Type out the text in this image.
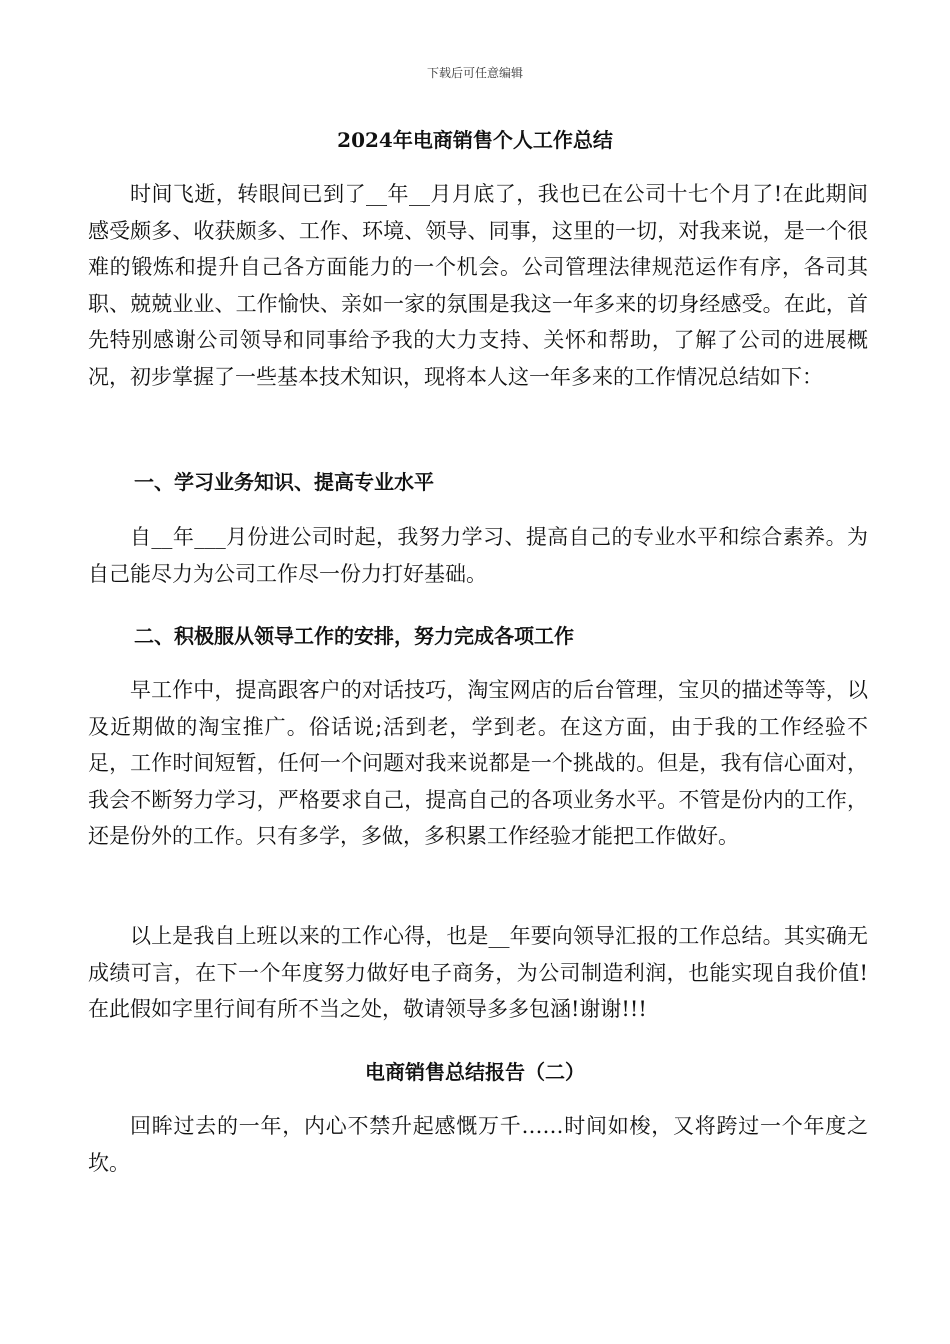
下载后可任意编辑
2024年电商销售个人工作总结

时间飞逝，转眼间已到了__年__月月底了，我也已在公司十七个月了!在此期间感受颇多、收获颇多、工作、环境、领导、同事，这里的一切，对我来说，是一个很难的锻炼和提升自己各方面能力的一个机会。公司管理法律规范运作有序，各司其职、兢兢业业、工作愉快、亲如一家的氛围是我这一年多来的切身经感受。在此，首先特别感谢公司领导和同事给予我的大力支持、关怀和帮助，了解了公司的进展概况，初步掌握了一些基本技术知识，现将本人这一年多来的工作情况总结如下：

一、学习业务知识、提高专业水平

自__年___月份进公司时起，我努力学习、提高自己的专业水平和综合素养。为自己能尽力为公司工作尽一份力打好基础。

二、积极服从领导工作的安排，努力完成各项工作

早工作中，提高跟客户的对话技巧，淘宝网店的后台管理，宝贝的描述等等，以及近期做的淘宝推广。俗话说;活到老，学到老。在这方面，由于我的工作经验不足，工作时间短暂，任何一个问题对我来说都是一个挑战的。但是，我有信心面对，我会不断努力学习，严格要求自己，提高自己的各项业务水平。不管是份内的工作，还是份外的工作。只有多学，多做，多积累工作经验才能把工作做好。

以上是我自上班以来的工作心得，也是__年要向领导汇报的工作总结。其实确无成绩可言，在下一个年度努力做好电子商务，为公司制造利润，也能实现自我价值!在此假如字里行间有所不当之处，敬请领导多多包涵!谢谢!!!

电商销售总结报告（二）

回眸过去的一年，内心不禁升起感慨万千……时间如梭，又将跨过一个年度之坎。
